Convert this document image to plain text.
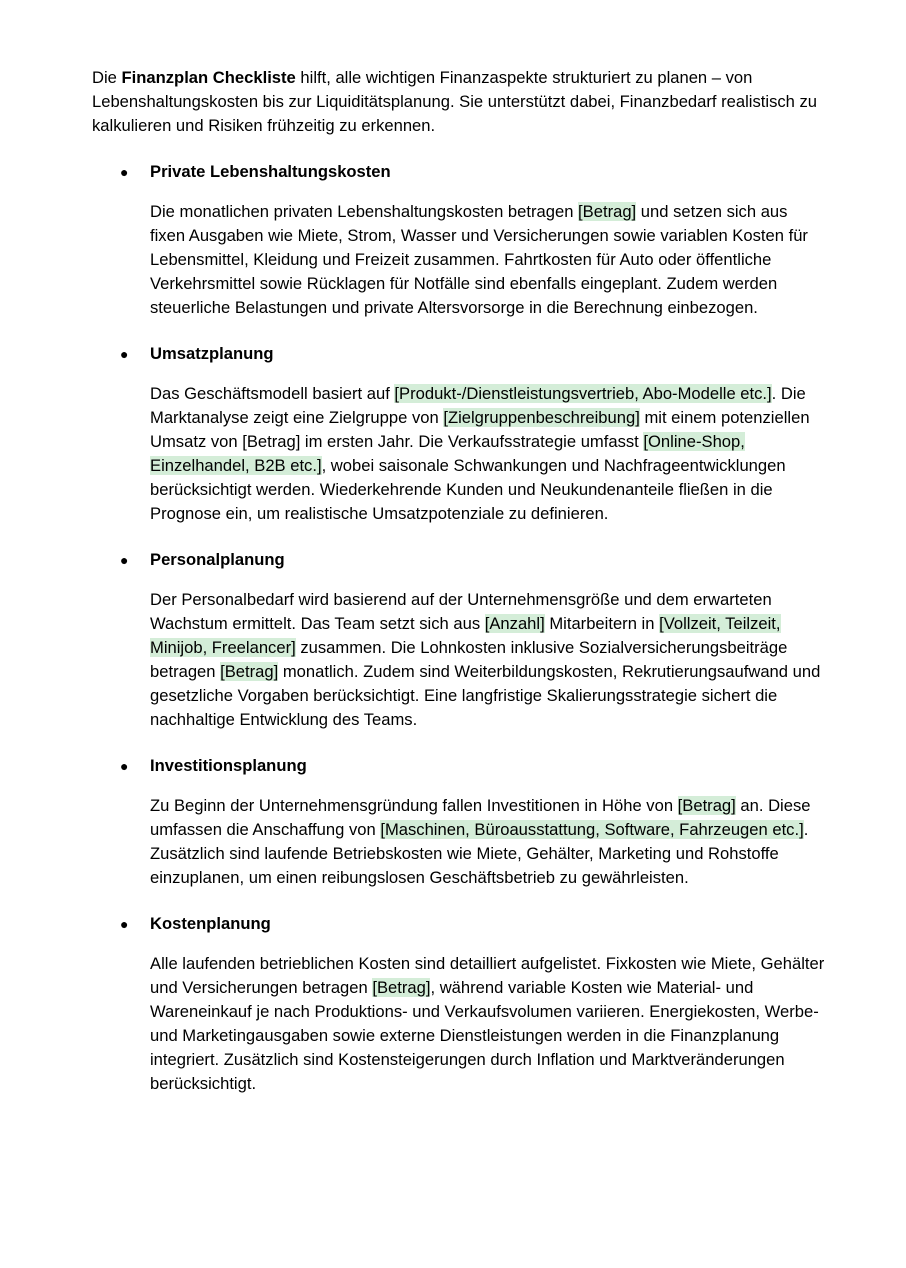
Die Finanzplan Checkliste hilft, alle wichtigen Finanzaspekte strukturiert zu planen – von Lebenshaltungskosten bis zur Liquiditätsplanung. Sie unterstützt dabei, Finanzbedarf realistisch zu kalkulieren und Risiken frühzeitig zu erkennen.

● Private Lebenshaltungskosten

Die monatlichen privaten Lebenshaltungskosten betragen [Betrag] und setzen sich aus fixen Ausgaben wie Miete, Strom, Wasser und Versicherungen sowie variablen Kosten für Lebensmittel, Kleidung und Freizeit zusammen. Fahrtkosten für Auto oder öffentliche Verkehrsmittel sowie Rücklagen für Notfälle sind ebenfalls eingeplant. Zudem werden steuerliche Belastungen und private Altersvorsorge in die Berechnung einbezogen.

● Umsatzplanung

Das Geschäftsmodell basiert auf [Produkt-/Dienstleistungsvertrieb, Abo-Modelle etc.]. Die Marktanalyse zeigt eine Zielgruppe von [Zielgruppenbeschreibung] mit einem potenziellen Umsatz von [Betrag] im ersten Jahr. Die Verkaufsstrategie umfasst [Online-Shop, Einzelhandel, B2B etc.], wobei saisonale Schwankungen und Nachfrageentwicklungen berücksichtigt werden. Wiederkehrende Kunden und Neukundenanteile fließen in die Prognose ein, um realistische Umsatzpotenziale zu definieren.

● Personalplanung

Der Personalbedarf wird basierend auf der Unternehmensgröße und dem erwarteten Wachstum ermittelt. Das Team setzt sich aus [Anzahl] Mitarbeitern in [Vollzeit, Teilzeit, Minijob, Freelancer] zusammen. Die Lohnkosten inklusive Sozialversicherungsbeiträge betragen [Betrag] monatlich. Zudem sind Weiterbildungskosten, Rekrutierungsaufwand und gesetzliche Vorgaben berücksichtigt. Eine langfristige Skalierungsstrategie sichert die nachhaltige Entwicklung des Teams.

● Investitionsplanung

Zu Beginn der Unternehmensgründung fallen Investitionen in Höhe von [Betrag] an. Diese umfassen die Anschaffung von [Maschinen, Büroausstattung, Software, Fahrzeugen etc.]. Zusätzlich sind laufende Betriebskosten wie Miete, Gehälter, Marketing und Rohstoffe einzuplanen, um einen reibungslosen Geschäftsbetrieb zu gewährleisten.

● Kostenplanung

Alle laufenden betrieblichen Kosten sind detailliert aufgelistet. Fixkosten wie Miete, Gehälter und Versicherungen betragen [Betrag], während variable Kosten wie Material- und Wareneinkauf je nach Produktions- und Verkaufsvolumen variieren. Energiekosten, Werbe- und Marketingausgaben sowie externe Dienstleistungen werden in die Finanzplanung integriert. Zusätzlich sind Kostensteigerungen durch Inflation und Marktveränderungen berücksichtigt.
